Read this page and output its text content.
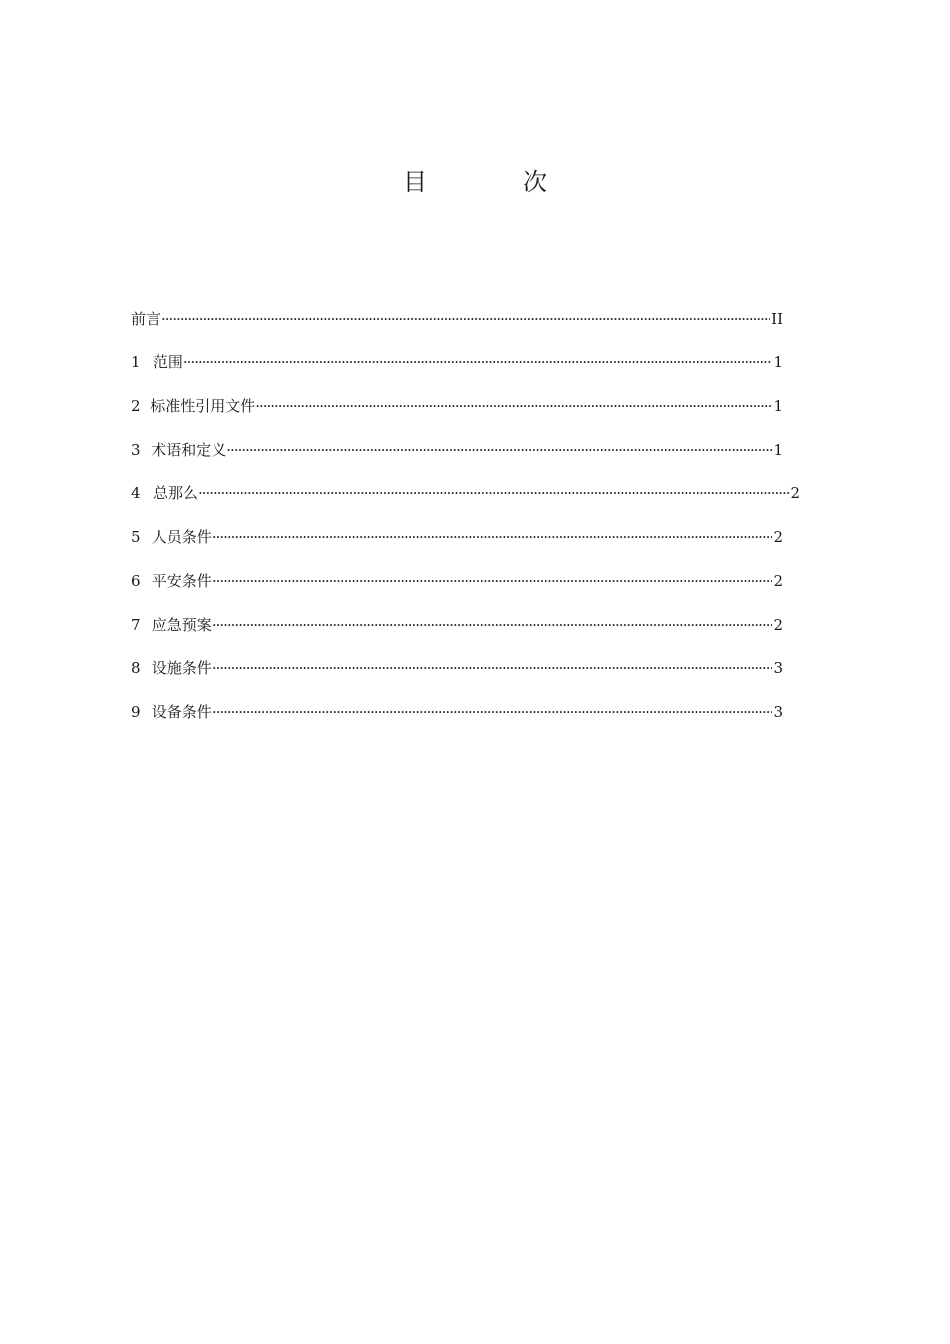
目　次
前言 ·····	II
1 范围 ·····	1
2 标准性引用文件 ·····	1
3 术语和定义 ·····	1
4 总那么 ·····	2
5 人员条件 ·····	2
6 平安条件 ·····	2
7 应急预案 ·····	2
8 设施条件 ·····	3
9 设备条件 ·····	3
